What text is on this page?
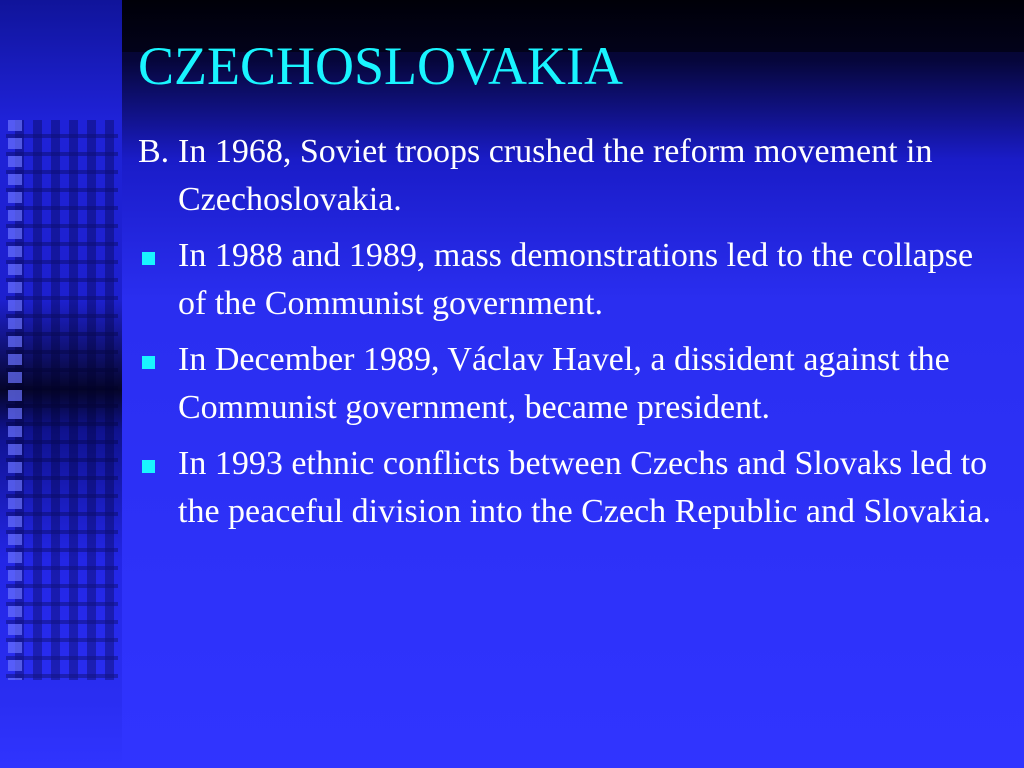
CZECHOSLOVAKIA
B. In 1968, Soviet troops crushed the reform movement in Czechoslovakia.
In 1988 and 1989, mass demonstrations led to the collapse of the Communist government.
In December 1989, Václav Havel, a dissident against the Communist government, became president.
In 1993 ethnic conflicts between Czechs and Slovaks led to the peaceful division into the Czech Republic and Slovakia.
